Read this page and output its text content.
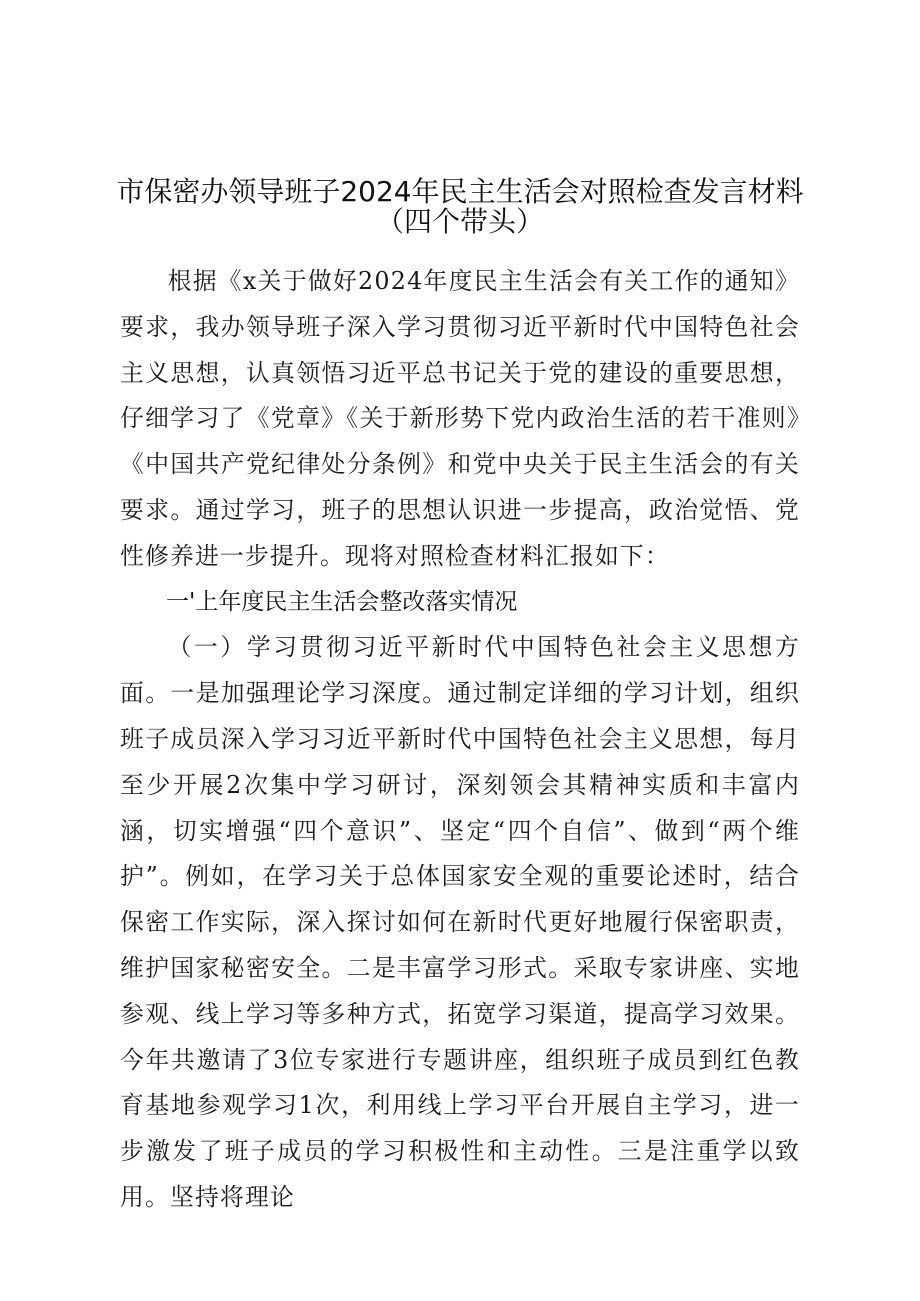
市保密办领导班子2024年民主生活会对照检查发言材料
（四个带头）

根据《x关于做好2024年度民主生活会有关工作的通知》要求，我办领导班子深入学习贯彻习近平新时代中国特色社会主义思想，认真领悟习近平总书记关于党的建设的重要思想，仔细学习了《党章》《关于新形势下党内政治生活的若干准则》《中国共产党纪律处分条例》和党中央关于民主生活会的有关要求。通过学习，班子的思想认识进一步提高，政治觉悟、党性修养进一步提升。现将对照检查材料汇报如下：

一'上年度民主生活会整改落实情况

（一）学习贯彻习近平新时代中国特色社会主义思想方面。一是加强理论学习深度。通过制定详细的学习计划，组织班子成员深入学习习近平新时代中国特色社会主义思想，每月至少开展2次集中学习研讨，深刻领会其精神实质和丰富内涵，切实增强“四个意识”、坚定“四个自信”、做到“两个维护”。例如，在学习关于总体国家安全观的重要论述时，结合保密工作实际，深入探讨如何在新时代更好地履行保密职责，维护国家秘密安全。二是丰富学习形式。采取专家讲座、实地参观、线上学习等多种方式，拓宽学习渠道，提高学习效果。今年共邀请了3位专家进行专题讲座，组织班子成员到红色教育基地参观学习1次，利用线上学习平台开展自主学习，进一步激发了班子成员的学习积极性和主动性。三是注重学以致用。坚持将理论
